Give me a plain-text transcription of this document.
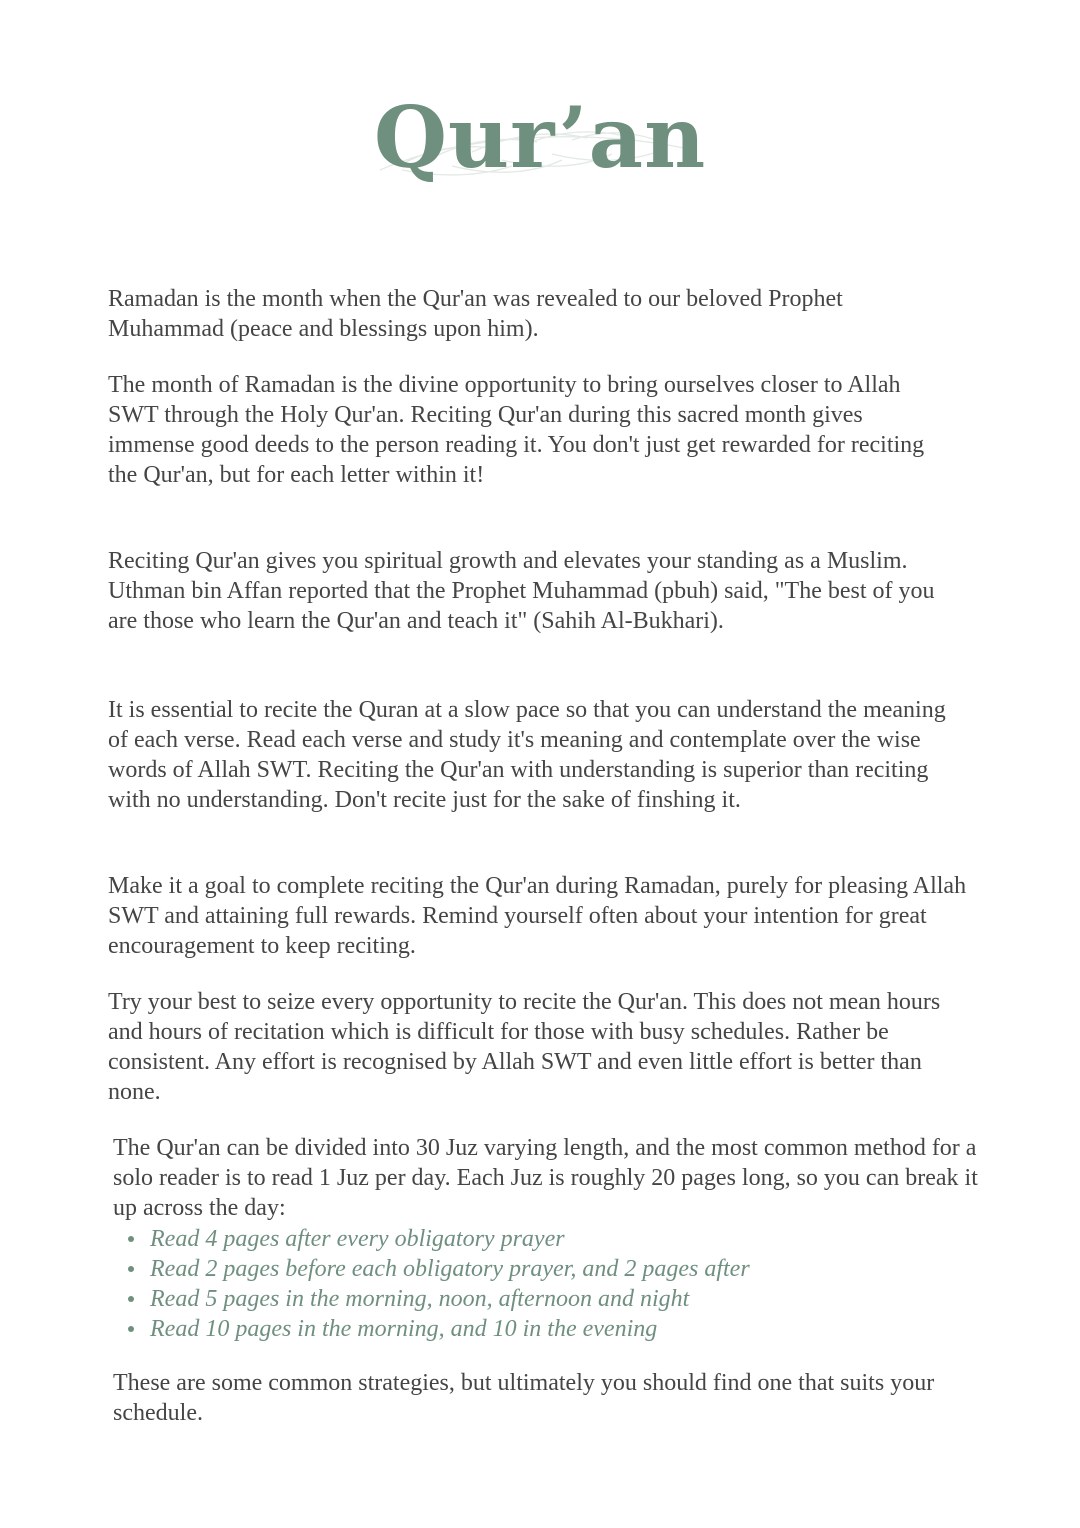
Qur’an

Ramadan is the month when the Qur'an was revealed to our beloved Prophet Muhammad (peace and blessings upon him).

The month of Ramadan is the divine opportunity to bring ourselves closer to Allah SWT through the Holy Qur'an. Reciting Qur'an during this sacred month gives immense good deeds to the person reading it. You don't just get rewarded for reciting the Qur'an, but for each letter within it!

Reciting Qur'an gives you spiritual growth and elevates your standing as a Muslim. Uthman bin Affan reported that the Prophet Muhammad (pbuh) said, "The best of you are those who learn the Qur'an and teach it" (Sahih Al-Bukhari).

It is essential to recite the Quran at a slow pace so that you can understand the meaning of each verse. Read each verse and study it's meaning and contemplate over the wise words of Allah SWT. Reciting the Qur'an with understanding is superior than reciting with no understanding. Don't recite just for the sake of finshing it.

Make it a goal to complete reciting the Qur'an during Ramadan, purely for pleasing Allah SWT and attaining full rewards. Remind yourself often about your intention for great encouragement to keep reciting.

Try your best to seize every opportunity to recite the Qur'an. This does not mean hours and hours of recitation which is difficult for those with busy schedules. Rather be consistent. Any effort is recognised by Allah SWT and even little effort is better than none.

The Qur'an can be divided into 30 Juz varying length, and the most common method for a solo reader is to read 1 Juz per day. Each Juz is roughly 20 pages long, so you can break it up across the day:

Read 4 pages after every obligatory prayer
Read 2 pages before each obligatory prayer, and 2 pages after
Read 5 pages in the morning, noon, afternoon and night
Read 10 pages in the morning, and 10 in the evening

These are some common strategies, but ultimately you should find one that suits your schedule.
